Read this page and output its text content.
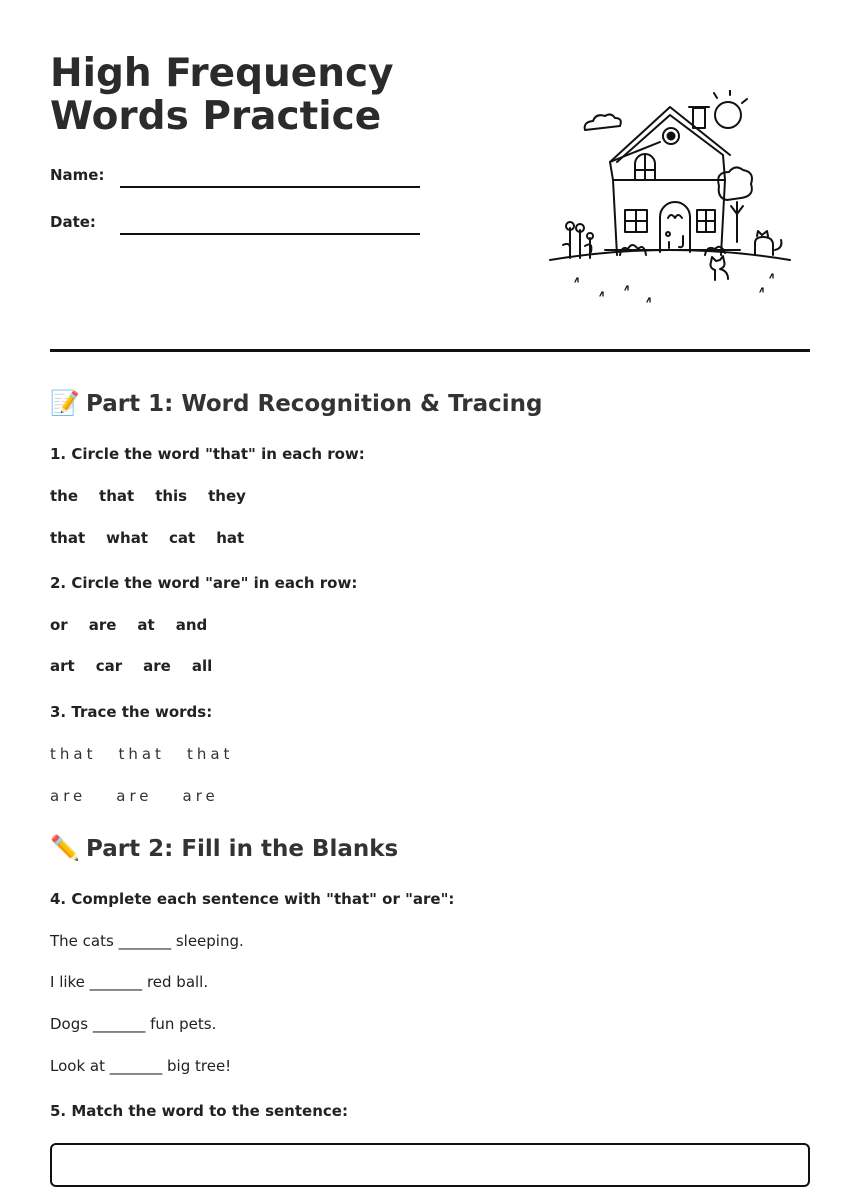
High Frequency Words Practice
Name:
Date:
📝 Part 1: Word Recognition & Tracing
1. Circle the word "that" in each row:
the that this they
that what cat hat
2. Circle the word "are" in each row:
or are at and
art car are all
3. Trace the words:
that that that
are are are
✏️ Part 2: Fill in the Blanks
4. Complete each sentence with "that" or "are":
The cats _______ sleeping.
I like _______ red ball.
Dogs _______ fun pets.
Look at _______ big tree!
5. Match the word to the sentence:
